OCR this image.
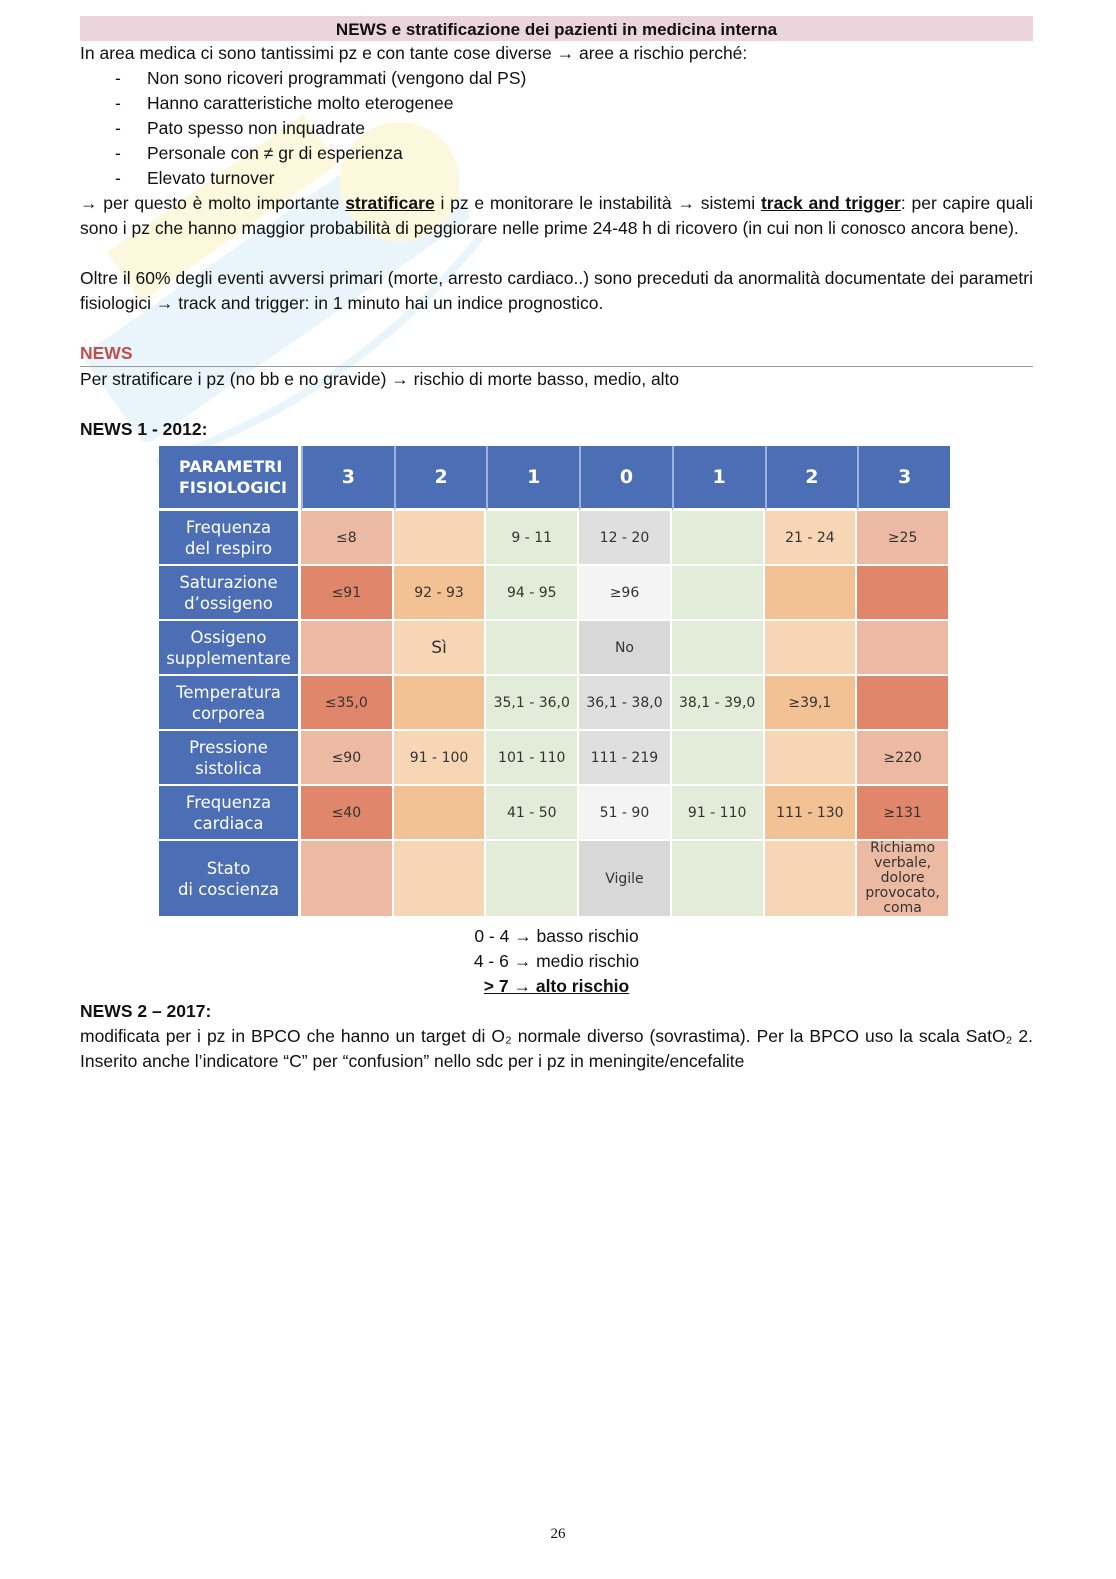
NEWS e stratificazione dei pazienti in medicina interna

In area medica ci sono tantissimi pz e con tante cose diverse → aree a rischio perché:

- Non sono ricoveri programmati (vengono dal PS)
- Hanno caratteristiche molto eterogenee
- Pato spesso non inquadrate
- Personale con ≠ gr di esperienza
- Elevato turnover

→ per questo è molto importante stratificare i pz e monitorare le instabilità → sistemi track and trigger: per capire quali sono i pz che hanno maggior probabilità di peggiorare nelle prime 24-48 h di ricovero (in cui non li conosco ancora bene).

Oltre il 60% degli eventi avversi primari (morte, arresto cardiaco..) sono preceduti da anormalità documentate dei parametri fisiologici → track and trigger: in 1 minuto hai un indice prognostico.

NEWS

Per stratificare i pz (no bb e no gravide) → rischio di morte basso, medio, alto

NEWS 1 - 2012:
PARAMETRI
FISIOLOGICI	3	2	1	0	1	2	3
Frequenza
del respiro	≤8		9 - 11	12 - 20		21 - 24	≥25
Saturazione
d’ossigeno	≤91	92 - 93	94 - 95	≥96			
Ossigeno
supplementare		Sì		No			
Temperatura
corporea	≤35,0		35,1 - 36,0	36,1 - 38,0	38,1 - 39,0	≥39,1	
Pressione
sistolica	≤90	91 - 100	101 - 110	111 - 219			≥220
Frequenza
cardiaca	≤40		41 - 50	51 - 90	91 - 110	111 - 130	≥131
Stato
di coscienza				Vigile			Richiamo verbale, dolore provocato, coma

0 - 4 → basso rischio

4 - 6 → medio rischio

> 7 → alto rischio

NEWS 2 – 2017:

modificata per i pz in BPCO che hanno un target di O₂ normale diverso (sovrastima). Per la BPCO uso la scala SatO₂ 2. Inserito anche l’indicatore “C” per “confusion” nello sdc per i pz in meningite/encefalite

26
